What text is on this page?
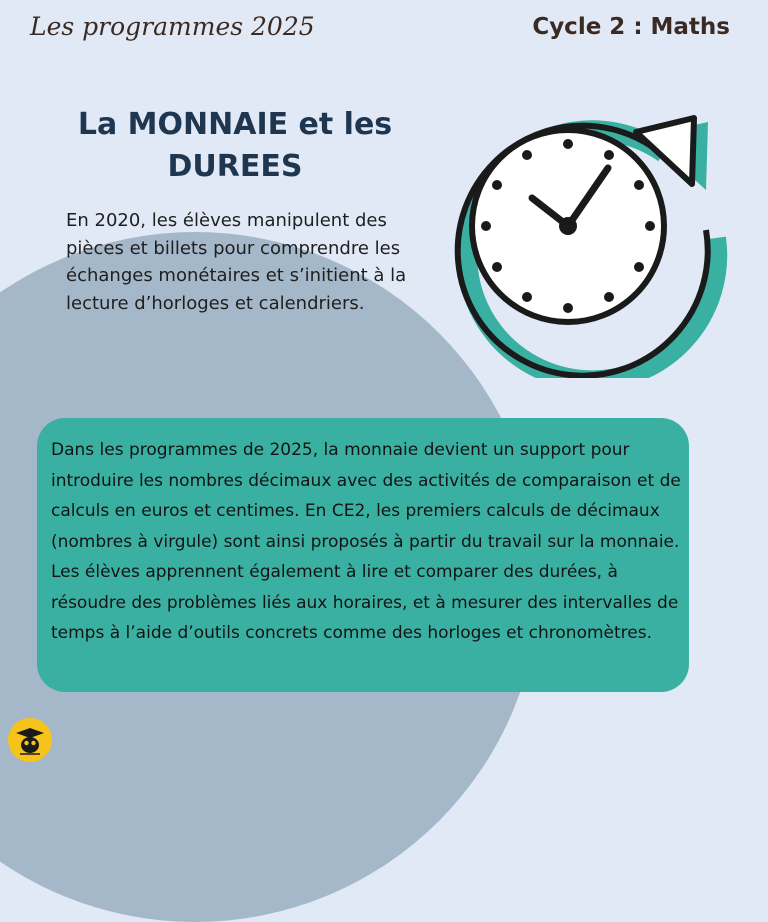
Les programmes 2025	Cycle 2 : Maths
La MONNAIE et les
DUREES
En 2020, les élèves manipulent des pièces et billets pour comprendre les échanges monétaires et s’initient à la lecture d’horloges et calendriers.
Dans les programmes de 2025, la monnaie devient un support pour introduire les nombres décimaux avec des activités de comparaison et de calculs en euros et centimes. En CE2, les premiers calculs de décimaux (nombres à virgule) sont ainsi proposés à partir du travail sur la monnaie. Les élèves apprennent également à lire et comparer des durées, à résoudre des problèmes liés aux horaires, et à mesurer des intervalles de temps à l’aide d’outils concrets comme des horloges et chronomètres.
